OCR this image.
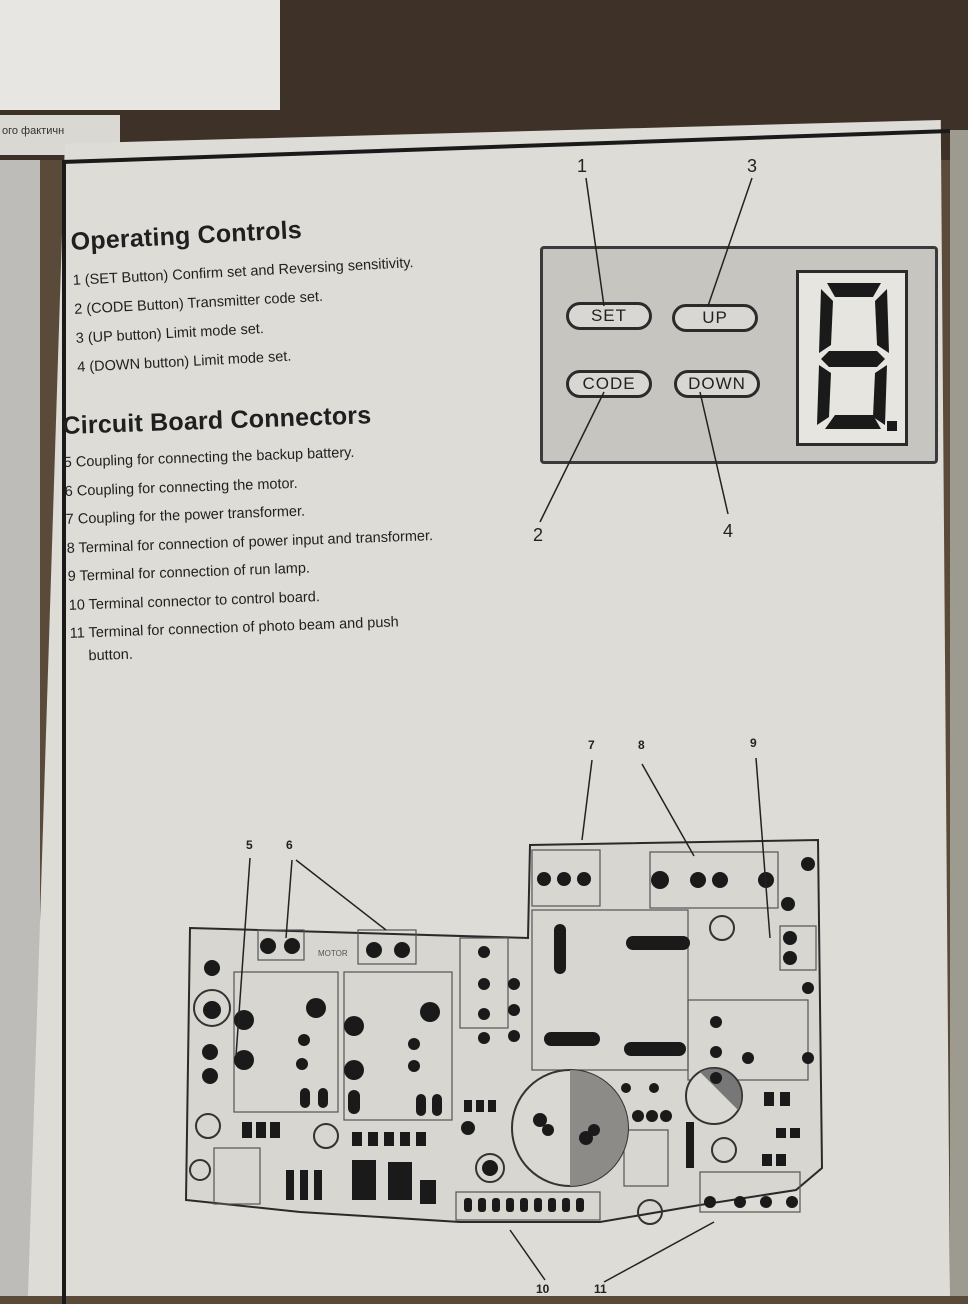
ого фактичн
Operating Controls

1 (SET Button) Confirm set and Reversing sensitivity.

2 (CODE Button) Transmitter code set.

3 (UP button) Limit mode set.

4 (DOWN button) Limit mode set.

Circuit Board Connectors

5 Coupling for connecting the backup battery.

6 Coupling for connecting the motor.

7 Coupling for the power transformer.

8 Terminal for connection of power input and transformer.

9 Terminal for connection of run lamp.

10 Terminal connector to control board.

11 Terminal for connection of photo beam and push

button.

SET	UP
CODE	DOWN
1	3
2	4
MOTOR
5	6
7	8	9
10	11
